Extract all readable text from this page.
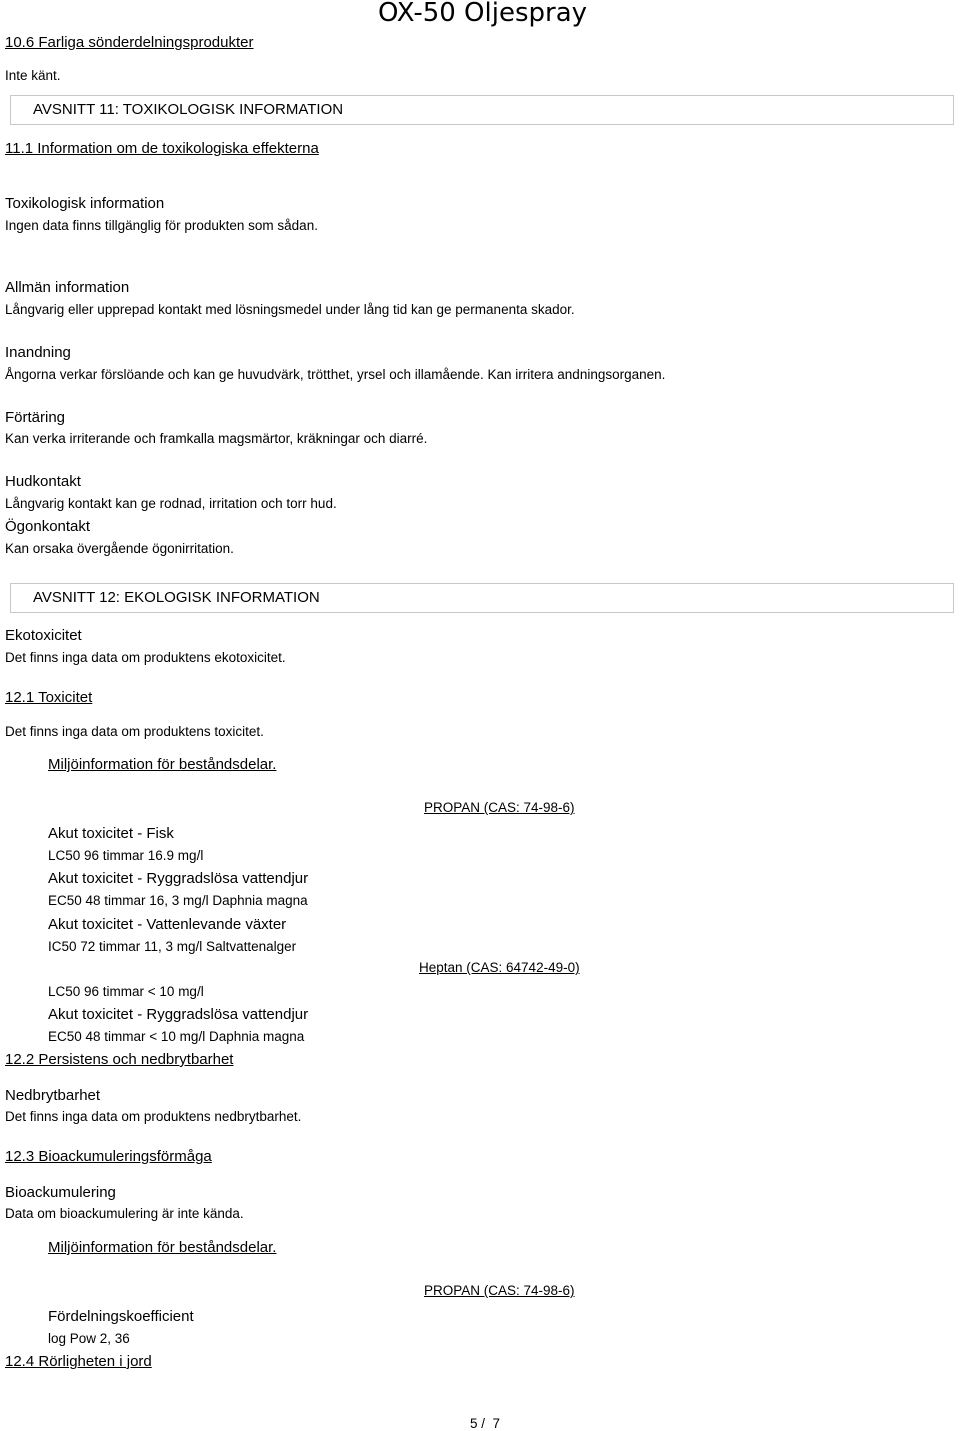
OX-50 Oljespray
10.6 Farliga sönderdelningsprodukter
Inte känt.
AVSNITT 11: TOXIKOLOGISK INFORMATION
11.1 Information om de toxikologiska effekterna
Toxikologisk information
Ingen data finns tillgänglig för produkten som sådan.
Allmän information
Långvarig eller upprepad kontakt med lösningsmedel under lång tid kan ge permanenta skador.
Inandning
Ångorna verkar förslöande och kan ge huvudvärk, trötthet, yrsel och illamående. Kan irritera andningsorganen.
Förtäring
Kan verka irriterande och framkalla magsmärtor, kräkningar och diarré.
Hudkontakt
Långvarig kontakt kan ge rodnad, irritation och torr hud.
Ögonkontakt
Kan orsaka övergående ögonirritation.
AVSNITT 12: EKOLOGISK INFORMATION
Ekotoxicitet
Det finns inga data om produktens ekotoxicitet.
12.1 Toxicitet
Det finns inga data om produktens toxicitet.
Miljöinformation för beståndsdelar.
PROPAN (CAS: 74-98-6)
Akut toxicitet - Fisk
LC50 96 timmar 16.9 mg/l
Akut toxicitet - Ryggradslösa vattendjur
EC50 48 timmar 16, 3 mg/l Daphnia magna
Akut toxicitet - Vattenlevande växter
IC50 72 timmar 11, 3 mg/l Saltvattenalger
Heptan (CAS: 64742-49-0)
LC50 96 timmar < 10 mg/l
Akut toxicitet - Ryggradslösa vattendjur
EC50 48 timmar < 10 mg/l Daphnia magna
12.2 Persistens och nedbrytbarhet
Nedbrytbarhet
Det finns inga data om produktens nedbrytbarhet.
12.3 Bioackumuleringsförmåga
Bioackumulering
Data om bioackumulering är inte kända.
Miljöinformation för beståndsdelar.
PROPAN (CAS: 74-98-6)
Fördelningskoefficient
log Pow 2, 36
12.4 Rörligheten i jord
5 /  7
